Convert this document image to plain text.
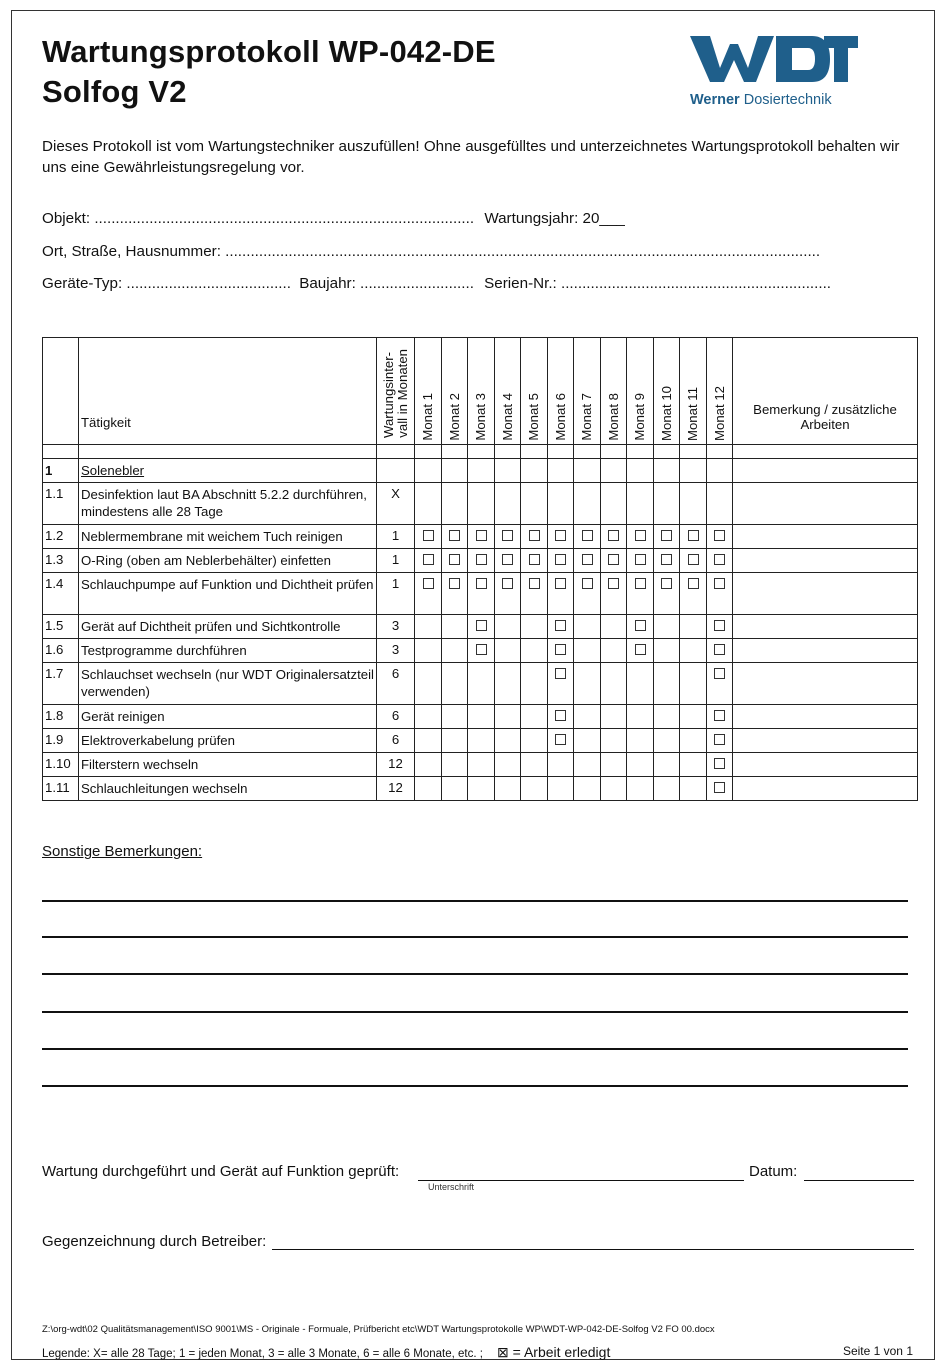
Wartungsprotokoll WP-042-DE
Solfog V2
WDT
Werner Dosiertechnik
Dieses Protokoll ist vom Wartungstechniker auszufüllen! Ohne ausgefülltes und unterzeichnetes Wartungsprotokoll behalten wir uns eine Gewährleistungsregelung vor.
Objekt: .......................................................................................... Wartungsjahr: 20___
Ort, Straße, Hausnummer: .............................................................................................................................................
Geräte-Typ: ....................................... Baujahr: ........................... Serien-Nr.: ................................................................
	Tätigkeit	Wartungsinter-vall in Monaten	Monat 1	Monat 2	Monat 3	Monat 4	Monat 5	Monat 6	Monat 7	Monat 8	Monat 9	Monat 10	Monat 11	Monat 12	Bemerkung / zusätzliche Arbeiten

1	Solenebler														
1.1	Desinfektion laut BA Abschnitt 5.2.2 durchführen, mindestens alle 28 Tage	X													
1.2	Neblermembrane mit weichem Tuch reinigen	1													
1.3	O-Ring (oben am Neblerbehälter) einfetten	1													
1.4	Schlauchpumpe auf Funktion und Dichtheit prüfen	1													
1.5	Gerät auf Dichtheit prüfen und Sichtkontrolle	3													
1.6	Testprogramme durchführen	3													
1.7	Schlauchset wechseln (nur WDT Originalersatzteil verwenden)	6													
1.8	Gerät reinigen	6													
1.9	Elektroverkabelung prüfen	6													
1.10	Filterstern wechseln	12													
1.11	Schlauchleitungen wechseln	12													
Sonstige Bemerkungen:
Wartung durchgeführt und Gerät auf Funktion geprüft:
Unterschrift
Datum:
Gegenzeichnung durch Betreiber:
Z:\org-wdt\02 Qualitätsmanagement\ISO 9001\MS - Originale - Formuale, Prüfbericht etc\WDT Wartungsprotokolle WP\WDT-WP-042-DE-Solfog V2 FO 00.docx
Legende: X= alle 28 Tage; 1 = jeden Monat, 3 = alle 3 Monate, 6 = alle 6 Monate, etc. ; ⊠ = Arbeit erledigt	Seite 1 von 1
